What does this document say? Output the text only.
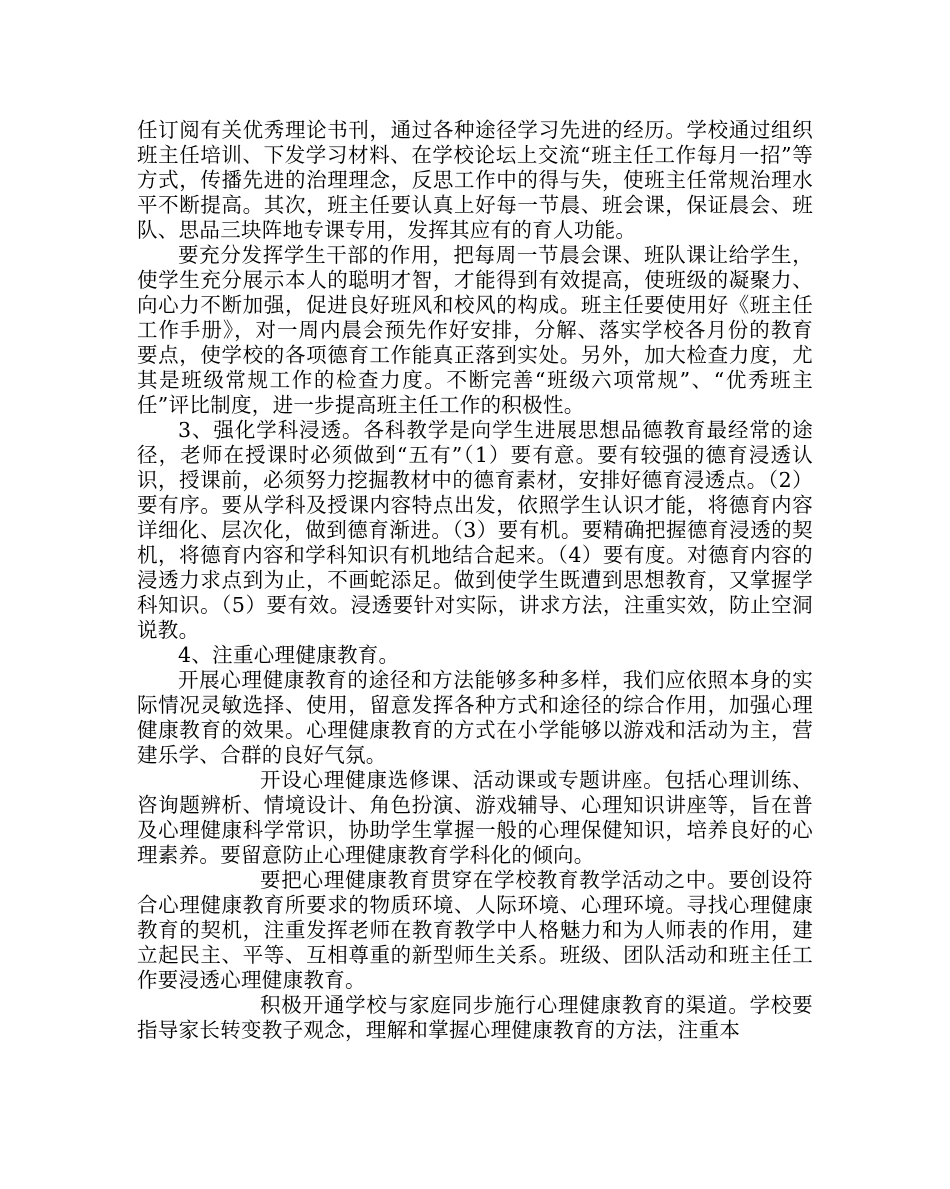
任订阅有关优秀理论书刊，通过各种途径学习先进的经历。学校通过组织班主任培训、下发学习材料、在学校论坛上交流“班主任工作每月一招”等方式，传播先进的治理理念，反思工作中的得与失，使班主任常规治理水平不断提高。其次，班主任要认真上好每一节晨、班会课，保证晨会、班队、思品三块阵地专课专用，发挥其应有的育人功能。

要充分发挥学生干部的作用，把每周一节晨会课、班队课让给学生，使学生充分展示本人的聪明才智，才能得到有效提高，使班级的凝聚力、向心力不断加强，促进良好班风和校风的构成。班主任要使用好《班主任工作手册》，对一周内晨会预先作好安排，分解、落实学校各月份的教育要点，使学校的各项德育工作能真正落到实处。另外，加大检查力度，尤其是班级常规工作的检查力度。不断完善“班级六项常规”、“优秀班主任”评比制度，进一步提高班主任工作的积极性。

3、强化学科浸透。各科教学是向学生进展思想品德教育最经常的途径，老师在授课时必须做到“五有”（1）要有意。要有较强的德育浸透认识，授课前，必须努力挖掘教材中的德育素材，安排好德育浸透点。（2）要有序。要从学科及授课内容特点出发，依照学生认识才能，将德育内容详细化、层次化，做到德育渐进。（3）要有机。要精确把握德育浸透的契机，将德育内容和学科知识有机地结合起来。（4）要有度。对德育内容的浸透力求点到为止，不画蛇添足。做到使学生既遭到思想教育，又掌握学科知识。（5）要有效。浸透要针对实际，讲求方法，注重实效，防止空洞说教。

4、注重心理健康教育。

开展心理健康教育的途径和方法能够多种多样，我们应依照本身的实际情况灵敏选择、使用，留意发挥各种方式和途径的综合作用，加强心理健康教育的效果。心理健康教育的方式在小学能够以游戏和活动为主，营建乐学、合群的良好气氛。

开设心理健康选修课、活动课或专题讲座。包括心理训练、咨询题辨析、情境设计、角色扮演、游戏辅导、心理知识讲座等，旨在普及心理健康科学常识，协助学生掌握一般的心理保健知识，培养良好的心理素养。要留意防止心理健康教育学科化的倾向。

要把心理健康教育贯穿在学校教育教学活动之中。要创设符合心理健康教育所要求的物质环境、人际环境、心理环境。寻找心理健康教育的契机，注重发挥老师在教育教学中人格魅力和为人师表的作用，建立起民主、平等、互相尊重的新型师生关系。班级、团队活动和班主任工作要浸透心理健康教育。

积极开通学校与家庭同步施行心理健康教育的渠道。学校要指导家长转变教子观念，理解和掌握心理健康教育的方法，注重本
